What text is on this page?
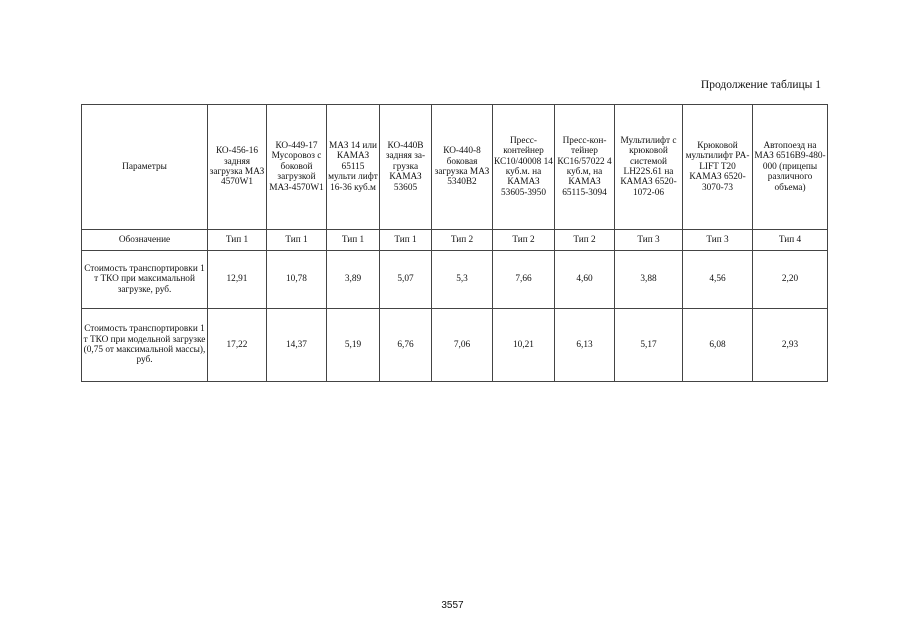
Продолжение таблицы 1
Параметры	КО-456-16 задняя загрузка МАЗ 4570W1	КО-449-17 Мусоровоз с боковой загрузкой МАЗ-4570W1	МАЗ 14 или КАМАЗ 65115 мульти лифт 16-36 куб.м	КО-440В задняя за-грузка КАМАЗ 53605	КО-440-8 боковая загрузка МАЗ 5340В2	Пресс-контейнер КС10/40008 14 куб.м. на КАМАЗ 53605-3950	Пресс-кон-тейнер КС16/57022 4 куб.м, на КАМАЗ 65115-3094	Мультилифт с крюковой системой LH22S.61 на КАМАЗ 6520-1072-06	Крюковой мультилифт PA- LIFT T20 КАМАЗ 6520-3070-73	Автопоезд на МАЗ 6516В9-480-000 (прицепы различного объема)
Обозначение	Тип 1	Тип 1	Тип 1	Тип 1	Тип 2	Тип 2	Тип 2	Тип 3	Тип 3	Тип 4
Стоимость транспортировки 1 т ТКО при максимальной загрузке, руб.	12,91	10,78	3,89	5,07	5,3	7,66	4,60	3,88	4,56	2,20
Стоимость транспортировки 1 т ТКО при модельной загрузке (0,75 от максимальной массы), руб.	17,22	14,37	5,19	6,76	7,06	10,21	6,13	5,17	6,08	2,93
3557
